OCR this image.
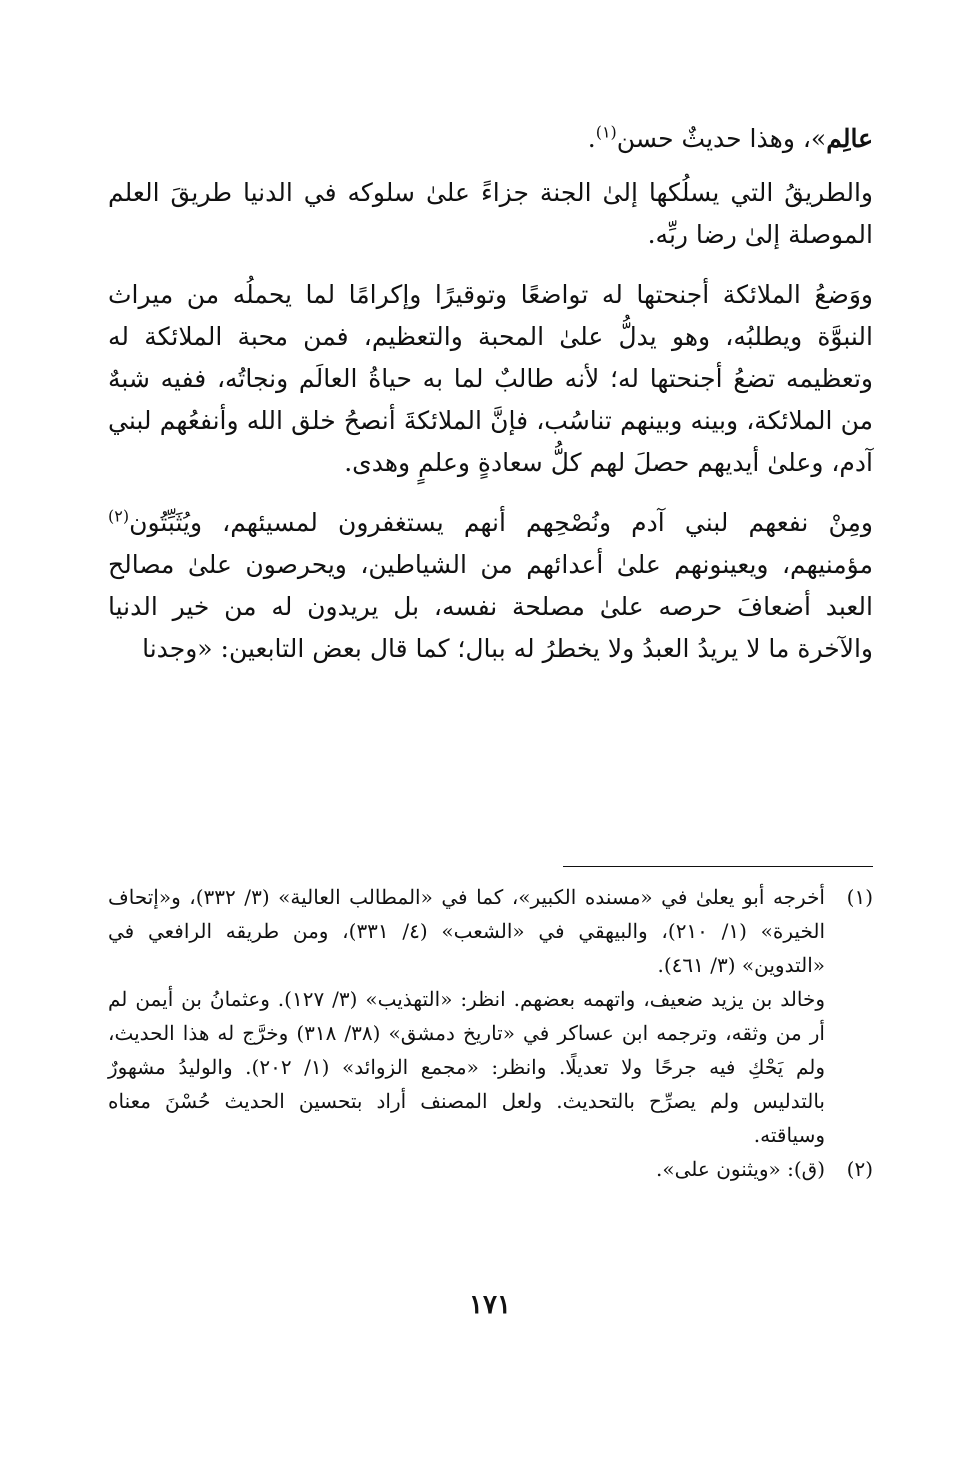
عالِم»، وهذا حديثٌ حسن$^{(١)}$.

والطريقُ التي يسلُكها إلىٰ الجنة جزاءً علىٰ سلوكه في الدنيا طريقَ العلم الموصلة إلىٰ رضا ربِّه.

ووَضعُ الملائكة أجنحتها له تواضعًا وتوقيرًا وإكرامًا لما يحملُه من ميراث النبوَّة ويطلبُه، وهو يدلُّ علىٰ المحبة والتعظيم، فمن محبة الملائكة له وتعظيمه تضعُ أجنحتها له؛ لأنه طالبٌ لما به حياةُ العالَم ونجاتُه، ففيه شبهٌ من الملائكة، وبينه وبينهم تناسُب، فإنَّ الملائكةَ أنصحُ خلق الله وأنفعُهم لبني آدم، وعلىٰ أيديهم حصلَ لهم كلُّ سعادةٍ وعلمٍ وهدى.

ومِنْ نفعهم لبني آدم ونُصْحِهم أنهم يستغفرون لمسيئهم، ويُثَبِّتُون$^{(٢)}$ مؤمنيهم، ويعينونهم علىٰ أعدائهم من الشياطين، ويحرصون علىٰ مصالح العبد أضعافَ حرصه علىٰ مصلحة نفسه، بل يريدون له من خير الدنيا والآخرة ما لا يريدُ العبدُ ولا يخطرُ له ببال؛ كما قال بعض التابعين: «وجدنا

(١)

أخرجه أبو يعلىٰ في «مسنده الكبير»، كما في «المطالب العالية» (٣/ ٣٣٢)، و«إتحاف الخيرة» (١/ ٢١٠)، والبيهقي في «الشعب» (٤/ ٣٣١)، ومن طريقه الرافعي في «التدوين» (٣/ ٤٦١).

وخالد بن يزيد ضعيف، واتهمه بعضهم. انظر: «التهذيب» (٣/ ١٢٧). وعثمانُ بن أيمن لم أر من وثقه، وترجمه ابن عساكر في «تاريخ دمشق» (٣٨/ ٣١٨) وخرَّج له هذا الحديث، ولم يَحْكِ فيه جرحًا ولا تعديلًا. وانظر: «مجمع الزوائد» (١/ ٢٠٢). والوليدُ مشهورٌ بالتدليس ولم يصرِّح بالتحديث. ولعل المصنف أراد بتحسين الحديث حُسْنَ معناه وسياقته.

(٢)

(ق): «ويثنون على».

١٧١
